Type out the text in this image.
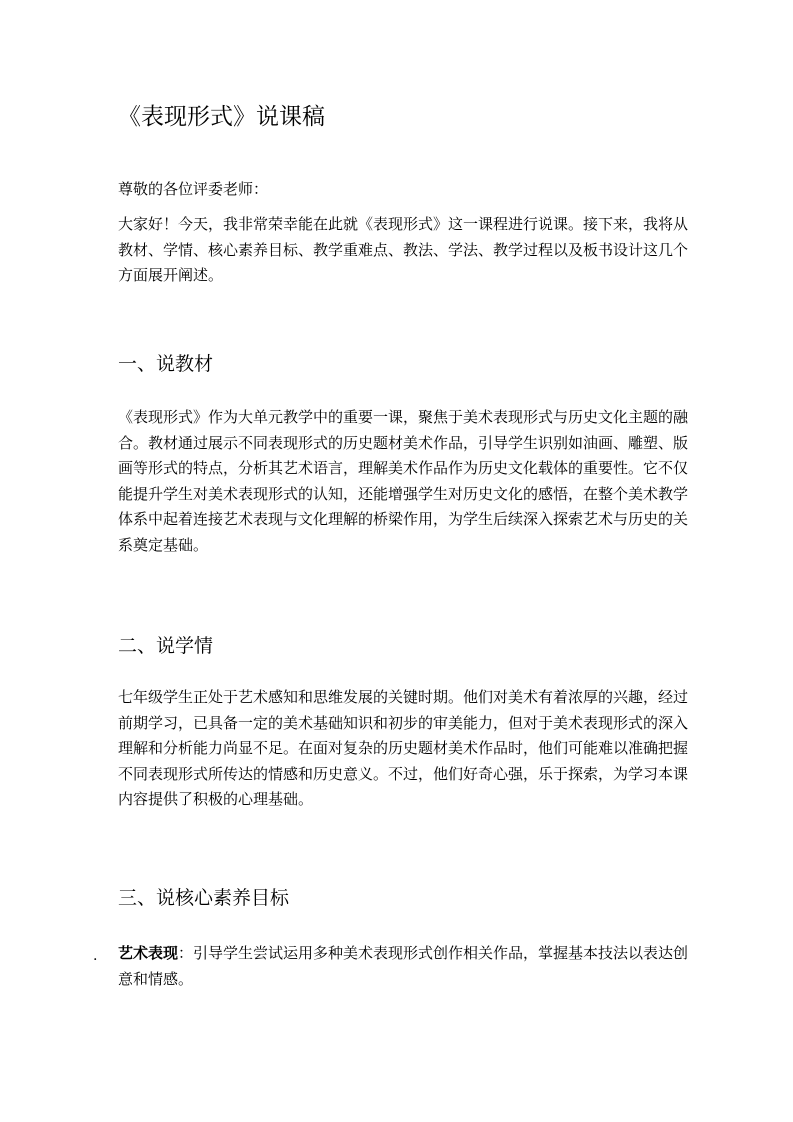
《表现形式》说课稿

尊敬的各位评委老师：

大家好！今天，我非常荣幸能在此就《表现形式》这一课程进行说课。接下来，我将从教材、学情、核心素养目标、教学重难点、教法、学法、教学过程以及板书设计这几个方面展开阐述。

一、说教材

《表现形式》作为大单元教学中的重要一课，聚焦于美术表现形式与历史文化主题的融合。教材通过展示不同表现形式的历史题材美术作品，引导学生识别如油画、雕塑、版画等形式的特点，分析其艺术语言，理解美术作品作为历史文化载体的重要性。它不仅能提升学生对美术表现形式的认知，还能增强学生对历史文化的感悟，在整个美术教学体系中起着连接艺术表现与文化理解的桥梁作用，为学生后续深入探索艺术与历史的关系奠定基础。

二、说学情

七年级学生正处于艺术感知和思维发展的关键时期。他们对美术有着浓厚的兴趣，经过前期学习，已具备一定的美术基础知识和初步的审美能力，但对于美术表现形式的深入理解和分析能力尚显不足。在面对复杂的历史题材美术作品时，他们可能难以准确把握不同表现形式所传达的情感和历史意义。不过，他们好奇心强，乐于探索，为学习本课内容提供了积极的心理基础。

三、说核心素养目标
. 艺术表现：引导学生尝试运用多种美术表现形式创作相关作品，掌握基本技法以表达创意和情感。
